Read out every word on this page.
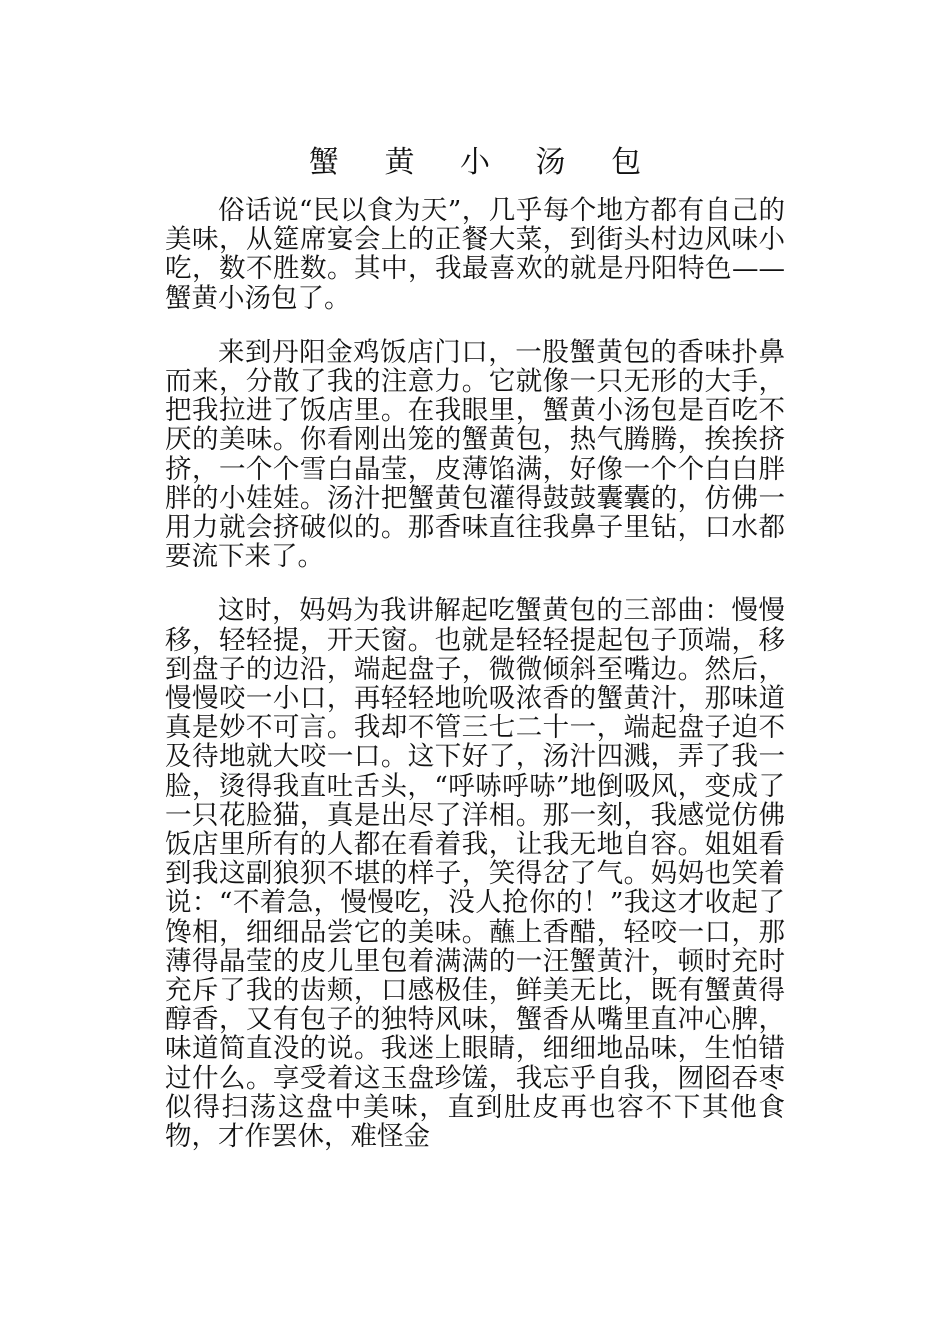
蟹 黄 小 汤 包

俗话说“民以食为天”，几乎每个地方都有自己的美味，从筵席宴会上的正餐大菜，到街头村边风味小吃，数不胜数。其中，我最喜欢的就是丹阳特色——蟹黄小汤包了。

来到丹阳金鸡饭店门口，一股蟹黄包的香味扑鼻而来，分散了我的注意力。它就像一只无形的大手，把我拉进了饭店里。在我眼里，蟹黄小汤包是百吃不厌的美味。你看刚出笼的蟹黄包，热气腾腾，挨挨挤挤，一个个雪白晶莹，皮薄馅满，好像一个个白白胖胖的小娃娃。汤汁把蟹黄包灌得鼓鼓囊囊的，仿佛一用力就会挤破似的。那香味直往我鼻子里钻，口水都要流下来了。

这时，妈妈为我讲解起吃蟹黄包的三部曲：慢慢移，轻轻提，开天窗。也就是轻轻提起包子顶端，移到盘子的边沿，端起盘子，微微倾斜至嘴边。然后，慢慢咬一小口，再轻轻地吮吸浓香的蟹黄汁，那味道真是妙不可言。我却不管三七二十一，端起盘子迫不及待地就大咬一口。这下好了，汤汁四溅，弄了我一脸，烫得我直吐舌头，“呼哧呼哧”地倒吸风，变成了一只花脸猫，真是出尽了洋相。那一刻，我感觉仿佛饭店里所有的人都在看着我，让我无地自容。姐姐看到我这副狼狈不堪的样子，笑得岔了气。妈妈也笑着说：“不着急，慢慢吃，没人抢你的！”我这才收起了馋相，细细品尝它的美味。蘸上香醋，轻咬一口，那薄得晶莹的皮儿里包着满满的一汪蟹黄汁，顿时充时充斥了我的齿颊，口感极佳，鲜美无比，既有蟹黄得醇香，又有包子的独特风味，蟹香从嘴里直冲心脾，味道简直没的说。我迷上眼睛，细细地品味，生怕错过什么。享受着这玉盘珍馐，我忘乎自我，囫囵吞枣似得扫荡这盘中美味，直到肚皮再也容不下其他食物，才作罢休，难怪金
